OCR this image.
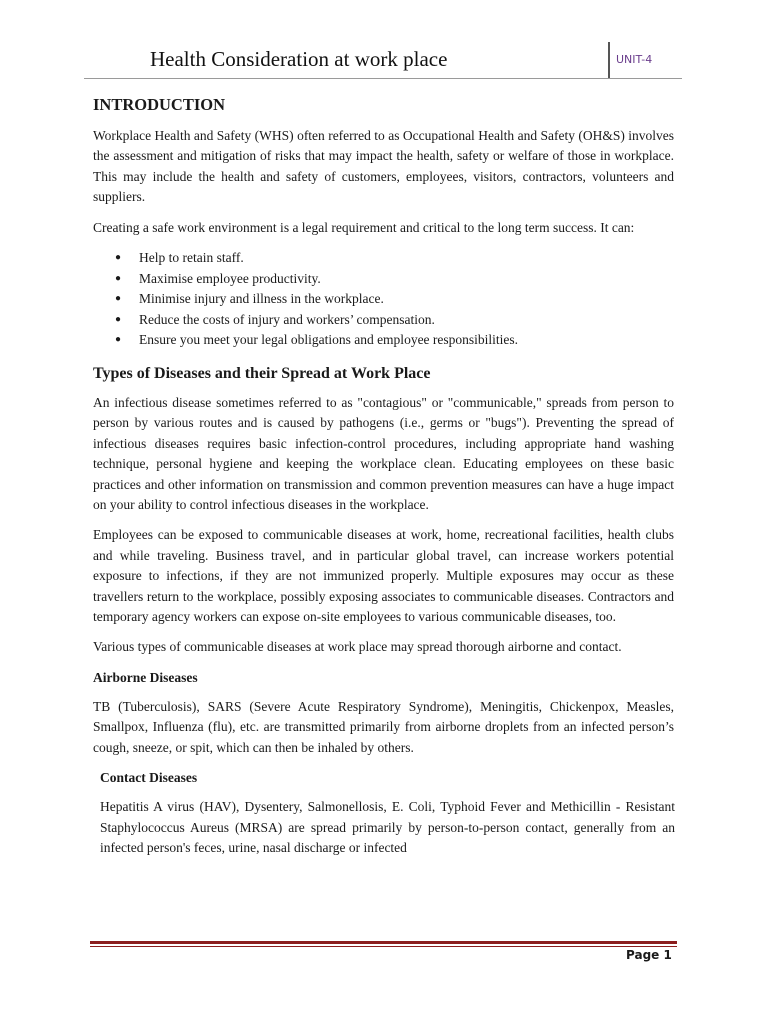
Health Consideration at work place	UNIT-4
INTRODUCTION

Workplace Health and Safety (WHS) often referred to as Occupational Health and Safety (OH&S) involves the assessment and mitigation of risks that may impact the health, safety or welfare of those in workplace. This may include the health and safety of customers, employees, visitors, contractors, volunteers and suppliers.

Creating a safe work environment is a legal requirement and critical to the long term success. It can:

● Help to retain staff.
● Maximise employee productivity.
● Minimise injury and illness in the workplace.
● Reduce the costs of injury and workers’ compensation.
● Ensure you meet your legal obligations and employee responsibilities.
Types of Diseases and their Spread at Work Place

An infectious disease sometimes referred to as "contagious" or "communicable," spreads from person to person by various routes and is caused by pathogens (i.e., germs or "bugs"). Preventing the spread of infectious diseases requires basic infection-control procedures, including appropriate hand washing technique, personal hygiene and keeping the workplace clean. Educating employees on these basic practices and other information on transmission and common prevention measures can have a huge impact on your ability to control infectious diseases in the workplace.

Employees can be exposed to communicable diseases at work, home, recreational facilities, health clubs and while traveling. Business travel, and in particular global travel, can increase workers potential exposure to infections, if they are not immunized properly. Multiple exposures may occur as these travellers return to the workplace, possibly exposing associates to communicable diseases. Contractors and temporary agency workers can expose on-site employees to various communicable diseases, too.

Various types of communicable diseases at work place may spread thorough airborne and contact.

Airborne Diseases

TB (Tuberculosis), SARS (Severe Acute Respiratory Syndrome), Meningitis, Chickenpox, Measles, Smallpox, Influenza (flu), etc. are transmitted primarily from airborne droplets from an infected person’s cough, sneeze, or spit, which can then be inhaled by others.

Contact Diseases

Hepatitis A virus (HAV), Dysentery, Salmonellosis, E. Coli, Typhoid Fever and Methicillin - Resistant Staphylococcus Aureus (MRSA) are spread primarily by person-to-person contact, generally from an infected person's feces, urine, nasal discharge or infected

Page 1
